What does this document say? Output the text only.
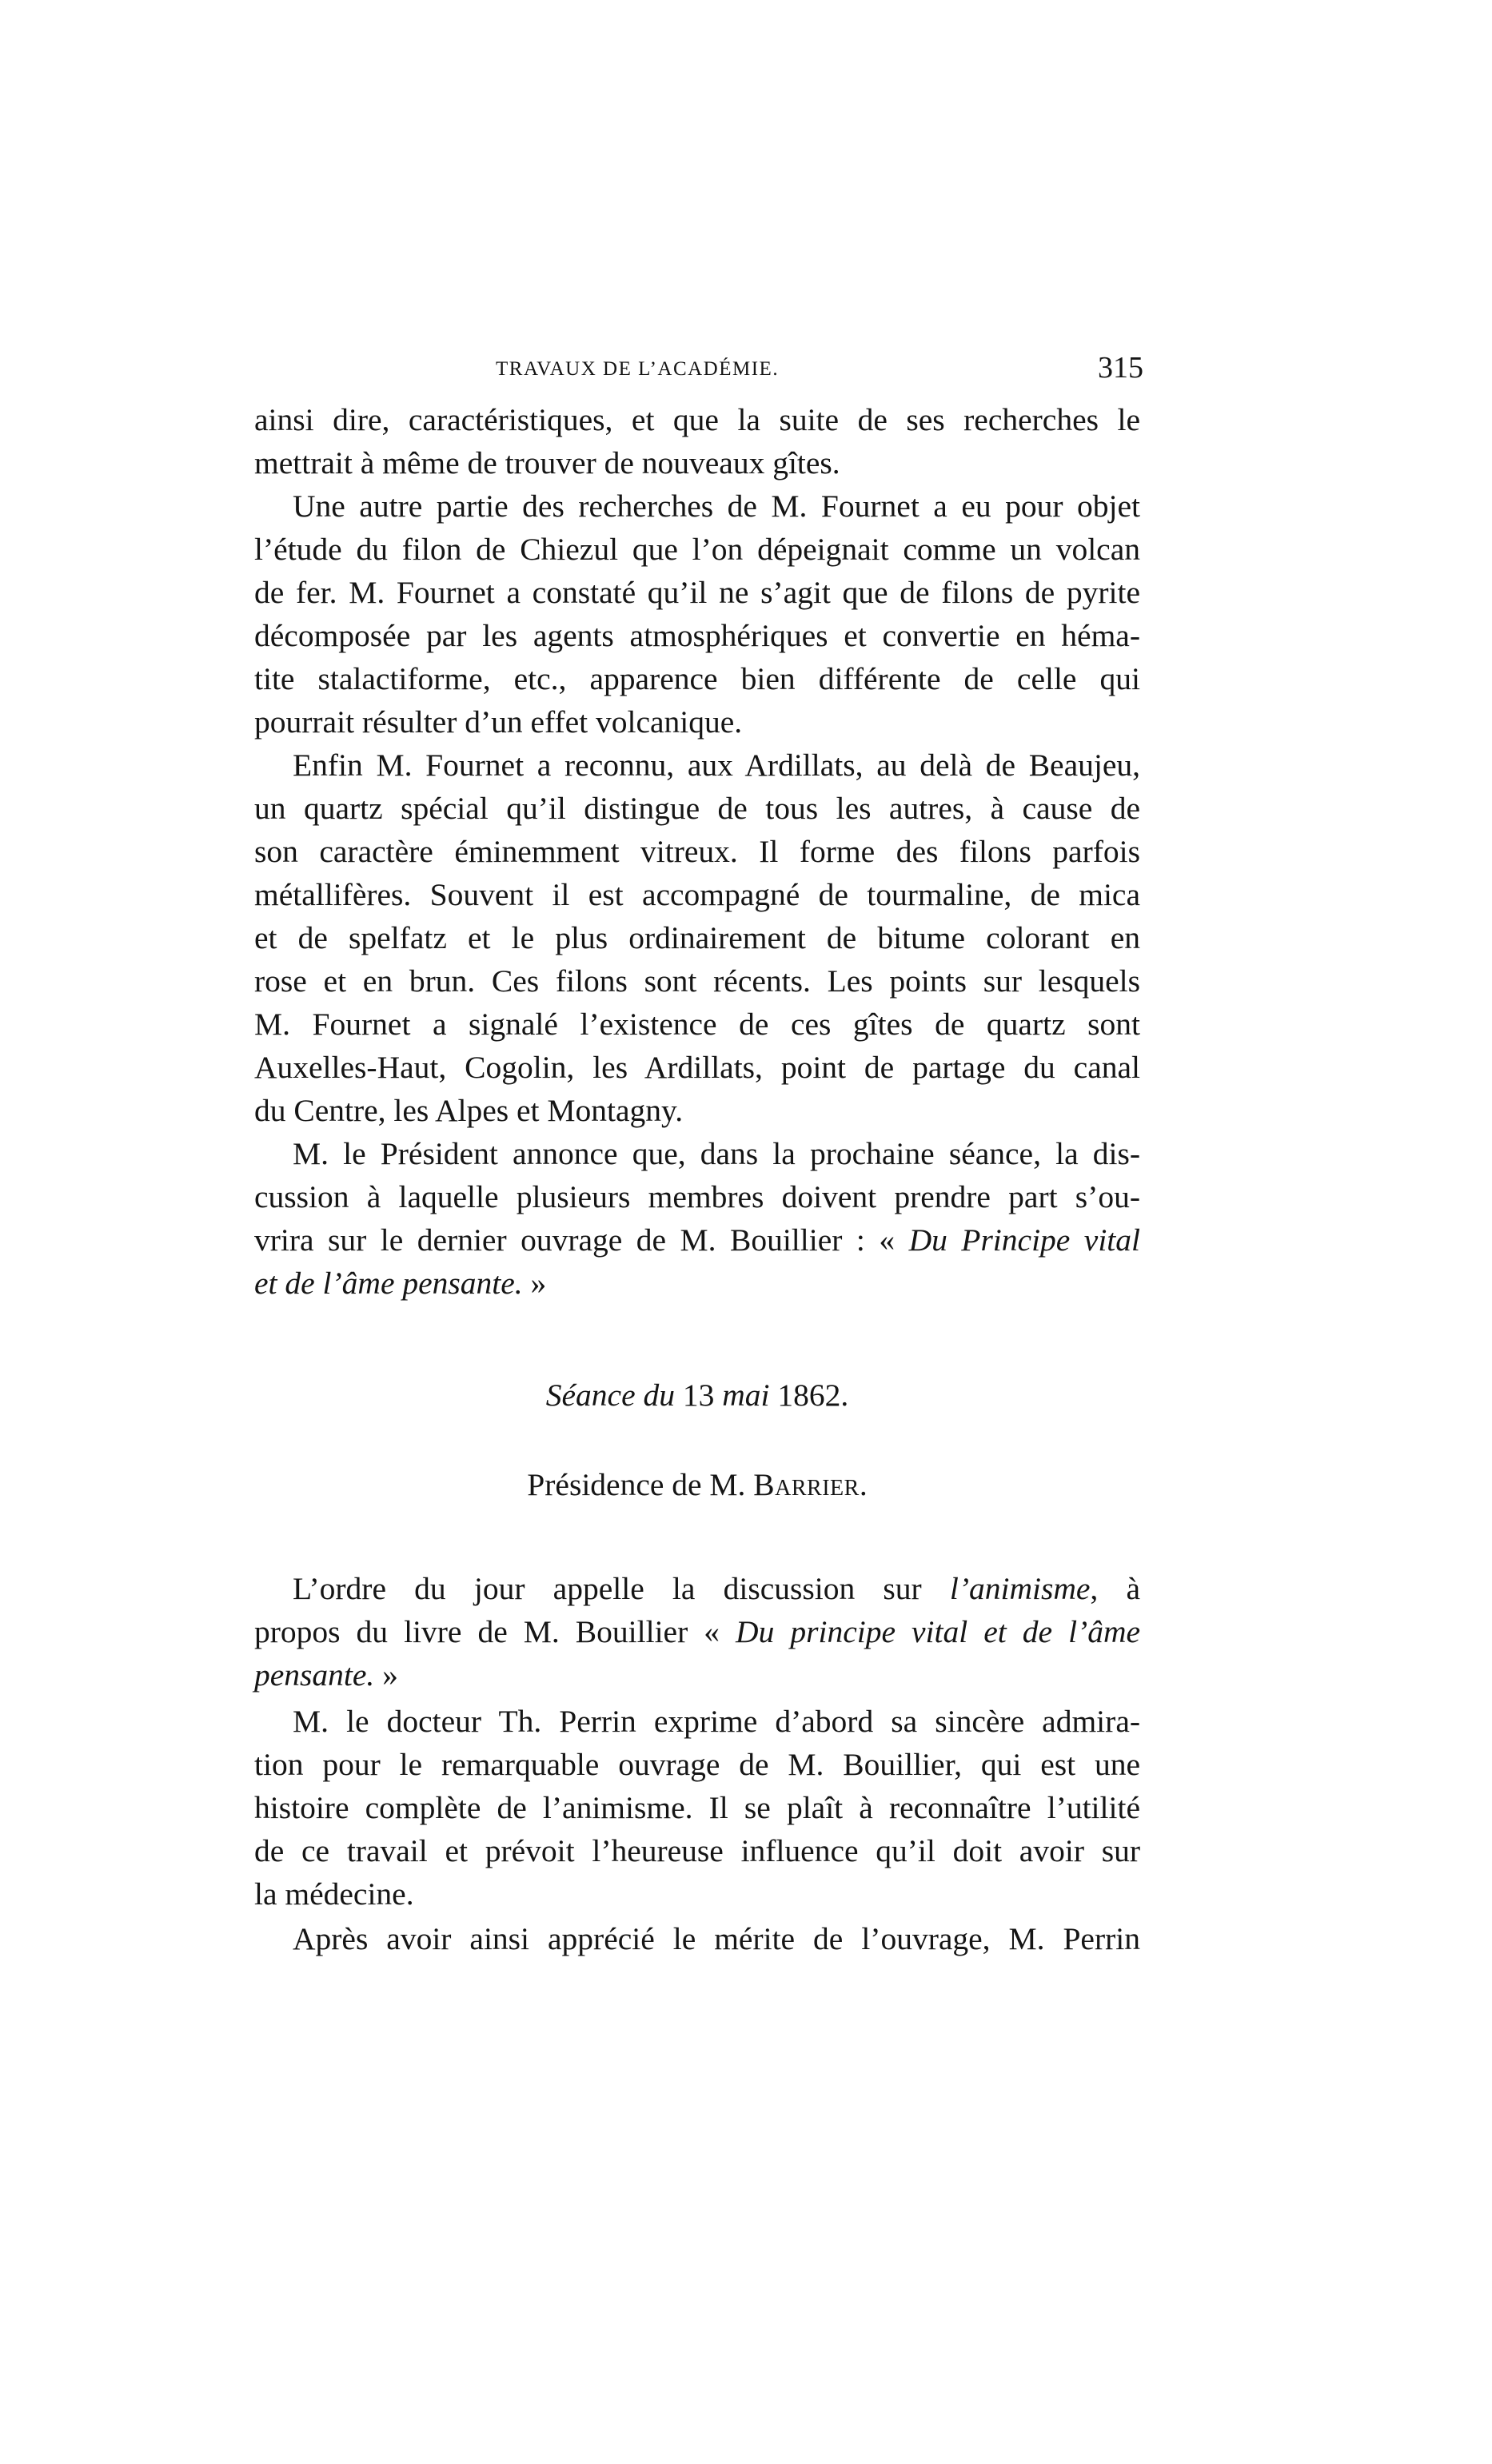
TRAVAUX DE L’ACADÉMIE.	315
ainsi dire, caractéristiques, et que la suite de ses recherches le
mettrait à même de trouver de nouveaux gîtes.
Une autre partie des recherches de M. Fournet a eu pour objet
l’étude du filon de Chiezul que l’on dépeignait comme un volcan
de fer. M. Fournet a constaté qu’il ne s’agit que de filons de pyrite
décomposée par les agents atmosphériques et convertie en héma-
tite stalactiforme, etc., apparence bien différente de celle qui
pourrait résulter d’un effet volcanique.
Enfin M. Fournet a reconnu, aux Ardillats, au delà de Beaujeu,
un quartz spécial qu’il distingue de tous les autres, à cause de
son caractère éminemment vitreux. Il forme des filons parfois
métallifères. Souvent il est accompagné de tourmaline, de mica
et de spelfatz et le plus ordinairement de bitume colorant en
rose et en brun. Ces filons sont récents. Les points sur lesquels
M. Fournet a signalé l’existence de ces gîtes de quartz sont
Auxelles-Haut, Cogolin, les Ardillats, point de partage du canal
du Centre, les Alpes et Montagny.
M. le Président annonce que, dans la prochaine séance, la dis-
cussion à laquelle plusieurs membres doivent prendre part s’ou-
vrira sur le dernier ouvrage de M. Bouillier : « Du Principe vital
et de l’âme pensante. »
Séance du 13 mai 1862.
Présidence de M. Barrier.
L’ordre du jour appelle la discussion sur l’animisme, à
propos du livre de M. Bouillier « Du principe vital et de l’âme
pensante. »
M. le docteur Th. Perrin exprime d’abord sa sincère admira-
tion pour le remarquable ouvrage de M. Bouillier, qui est une
histoire complète de l’animisme. Il se plaît à reconnaître l’utilité
de ce travail et prévoit l’heureuse influence qu’il doit avoir sur
la médecine.
Après avoir ainsi apprécié le mérite de l’ouvrage, M. Perrin
